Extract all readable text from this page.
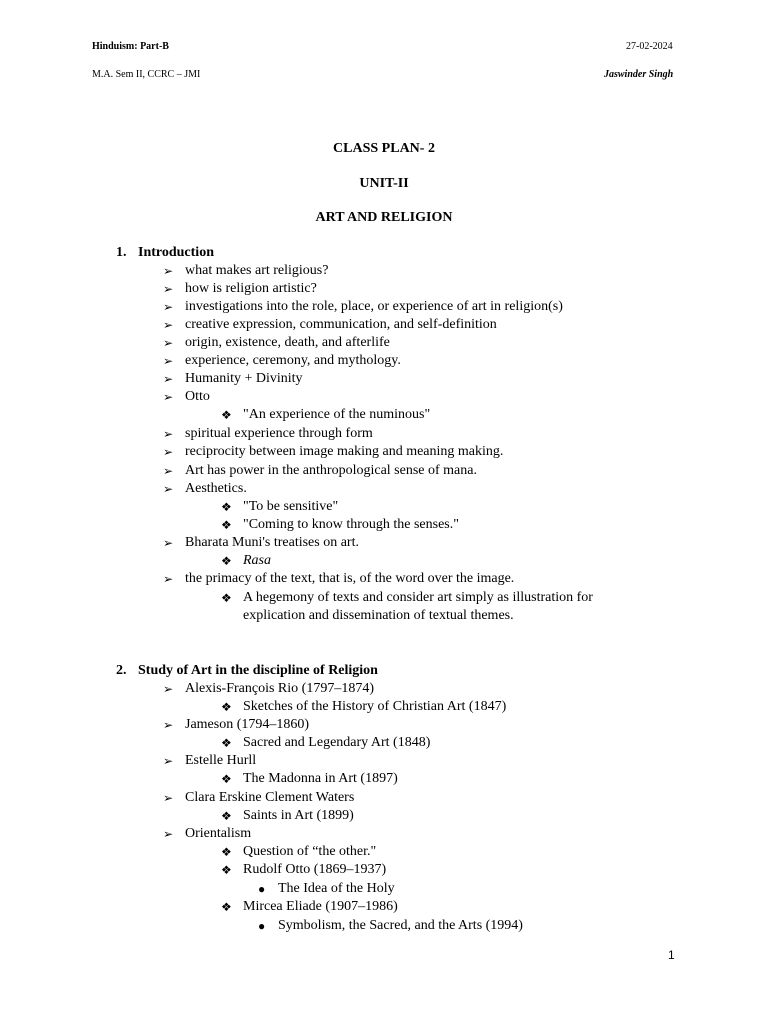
Hinduism: Part-B	27-02-2024
M.A. Sem II, CCRC – JMI	Jaswinder Singh
CLASS PLAN- 2
UNIT-II
ART AND RELIGION
1. Introduction
➢ what makes art religious?
➢ how is religion artistic?
➢ investigations into the role, place, or experience of art in religion(s)
➢ creative expression, communication, and self-definition
➢ origin, existence, death, and afterlife
➢ experience, ceremony, and mythology.
➢ Humanity + Divinity
➢ Otto
❖ "An experience of the numinous"
➢ spiritual experience through form
➢ reciprocity between image making and meaning making.
➢ Art has power in the anthropological sense of mana.
➢ Aesthetics.
❖ "To be sensitive"
❖ "Coming to know through the senses."
➢ Bharata Muni's treatises on art.
❖ Rasa
➢ the primacy of the text, that is, of the word over the image.
❖ A hegemony of texts and consider art simply as illustration for
explication and dissemination of textual themes.
2. Study of Art in the discipline of Religion
➢ Alexis-François Rio (1797–1874)
❖ Sketches of the History of Christian Art (1847)
➢ Jameson (1794–1860)
❖ Sacred and Legendary Art (1848)
➢ Estelle Hurll
❖ The Madonna in Art (1897)
➢ Clara Erskine Clement Waters
❖ Saints in Art (1899)
➢ Orientalism
❖ Question of “the other."
❖ Rudolf Otto (1869–1937)
● The Idea of the Holy
❖ Mircea Eliade (1907–1986)
● Symbolism, the Sacred, and the Arts (1994)
1
